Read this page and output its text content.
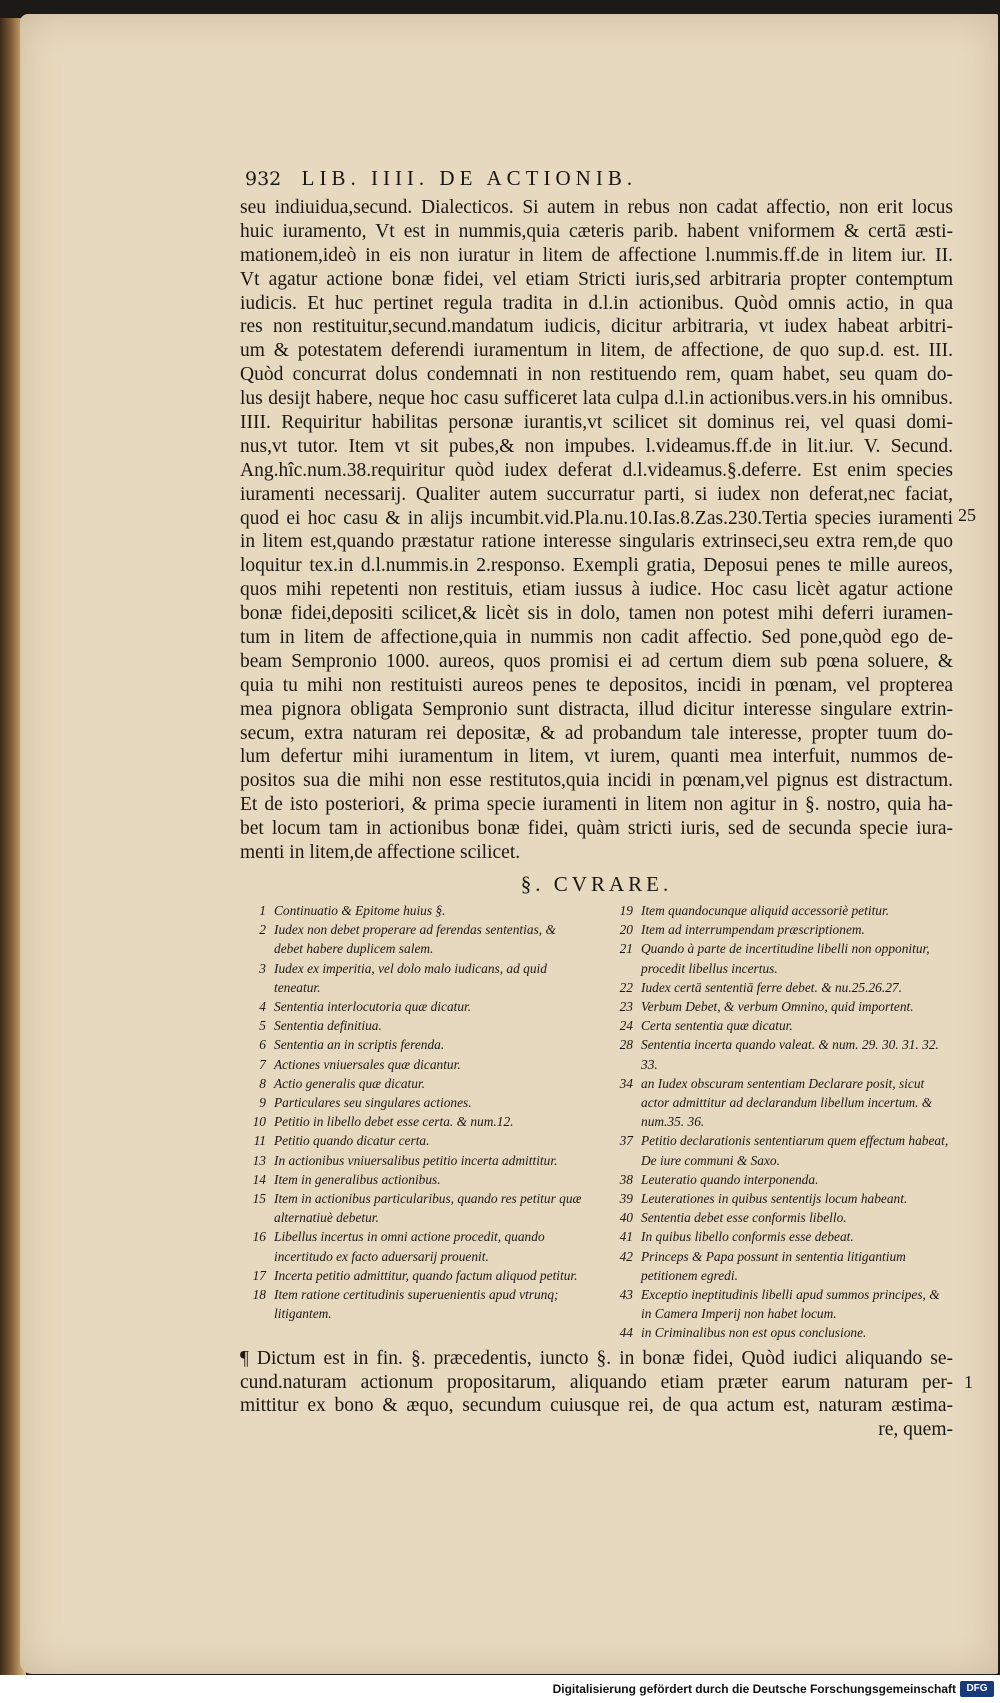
932 LIB. IIII. DE ACTIONIB.
seu indiuidua,secund. Dialecticos. Si autem in rebus non cadat affectio, non erit locus
huic iuramento, Vt est in nummis,quia cæteris parib. habent vniformem & certā æsti-
mationem,ideò in eis non iuratur in litem de affectione l.nummis.ff.de in litem iur. II.
Vt agatur actione bonæ fidei, vel etiam Stricti iuris,sed arbitraria propter contemptum
iudicis. Et huc pertinet regula tradita in d.l.in actionibus. Quòd omnis actio, in qua
res non restituitur,secund.mandatum iudicis, dicitur arbitraria, vt iudex habeat arbitri-
um & potestatem deferendi iuramentum in litem, de affectione, de quo sup.d. est. III.
Quòd concurrat dolus condemnati in non restituendo rem, quam habet, seu quam do-
lus desijt habere, neque hoc casu sufficeret lata culpa d.l.in actionibus.vers.in his omnibus.
IIII. Requiritur habilitas personæ iurantis,vt scilicet sit dominus rei, vel quasi domi-
nus,vt tutor. Item vt sit pubes,& non impubes. l.videamus.ff.de in lit.iur. V. Secund.
Ang.hîc.num.38.requiritur quòd iudex deferat d.l.videamus.§.deferre. Est enim species
iuramenti necessarij. Qualiter autem succurratur parti, si iudex non deferat,nec faciat,
quod ei hoc casu & in alijs incumbit.vid.Pla.nu.10.Ias.8.Zas.230.Tertia species iuramenti
in litem est,quando præstatur ratione interesse singularis extrinseci,seu extra rem,de quo
loquitur tex.in d.l.nummis.in 2.responso. Exempli gratia, Deposui penes te mille aureos,
quos mihi repetenti non restituis, etiam iussus à iudice. Hoc casu licèt agatur actione
bonæ fidei,depositi scilicet,& licèt sis in dolo, tamen non potest mihi deferri iuramen-
tum in litem de affectione,quia in nummis non cadit affectio. Sed pone,quòd ego de-
beam Sempronio 1000. aureos, quos promisi ei ad certum diem sub pœna soluere, &
quia tu mihi non restituisti aureos penes te depositos, incidi in pœnam, vel propterea
mea pignora obligata Sempronio sunt distracta, illud dicitur interesse singulare extrin-
secum, extra naturam rei depositæ, & ad probandum tale interesse, propter tuum do-
lum defertur mihi iuramentum in litem, vt iurem, quanti mea interfuit, nummos de-
positos sua die mihi non esse restitutos,quia incidi in pœnam,vel pignus est distractum.
Et de isto posteriori, & prima specie iuramenti in litem non agitur in §. nostro, quia ha-
bet locum tam in actionibus bonæ fidei, quàm stricti iuris, sed de secunda specie iura-
menti in litem,de affectione scilicet.
§. CVRARE.
1 Continuatio & Epitome huius §.
2 Iudex non debet properare ad ferendas sententias, & debet habere duplicem salem.
3 Iudex ex imperitia, vel dolo malo iudicans, ad quid teneatur.
4 Sententia interlocutoria quæ dicatur.
5 Sententia definitiua.
6 Sententia an in scriptis ferenda.
7 Actiones vniuersales quæ dicantur.
8 Actio generalis quæ dicatur.
9 Particulares seu singulares actiones.
10 Petitio in libello debet esse certa. & num.12.
11 Petitio quando dicatur certa.
13 In actionibus vniuersalibus petitio incerta admittitur.
14 Item in generalibus actionibus.
15 Item in actionibus particularibus, quando res petitur quæ alternatiuè debetur.
16 Libellus incertus in omni actione procedit, quando incertitudo ex facto aduersarij prouenit.
17 Incerta petitio admittitur, quando factum aliquod petitur.
18 Item ratione certitudinis superuenientis apud vtrunq; litigantem.
19 Item quandocunque aliquid accessoriè petitur.
20 Item ad interrumpendam præscriptionem.
21 Quando à parte de incertitudine libelli non opponitur, procedit libellus incertus.
22 Iudex certā sententiā ferre debet. & nu.25.26.27.
23 Verbum Debet, & verbum Omnino, quid importent.
24 Certa sententia quæ dicatur.
28 Sententia incerta quando valeat. & num. 29. 30. 31. 32. 33.
34 an Iudex obscuram sententiam Declarare posit, sicut actor admittitur ad declarandum libellum incertum. & num.35. 36.
37 Petitio declarationis sententiarum quem effectum habeat, De iure communi & Saxo.
38 Leuteratio quando interponenda.
39 Leuterationes in quibus sententijs locum habeant.
40 Sententia debet esse conformis libello.
41 In quibus libello conformis esse debeat.
42 Princeps & Papa possunt in sententia litigantium petitionem egredi.
43 Exceptio ineptitudinis libelli apud summos principes, & in Camera Imperij non habet locum.
44 in Criminalibus non est opus conclusione.
¶ Dictum est in fin. §. præcedentis, iuncto §. in bonæ fidei, Quòd iudici aliquando se-
cund.naturam actionum propositarum, aliquando etiam præter earum naturam per-
mittitur ex bono & æquo, secundum cuiusque rei, de qua actum est, naturam æstima-
re, quem-
25
1
Digitalisierung gefördert durch die Deutsche Forschungsgemeinschaft	DFG
